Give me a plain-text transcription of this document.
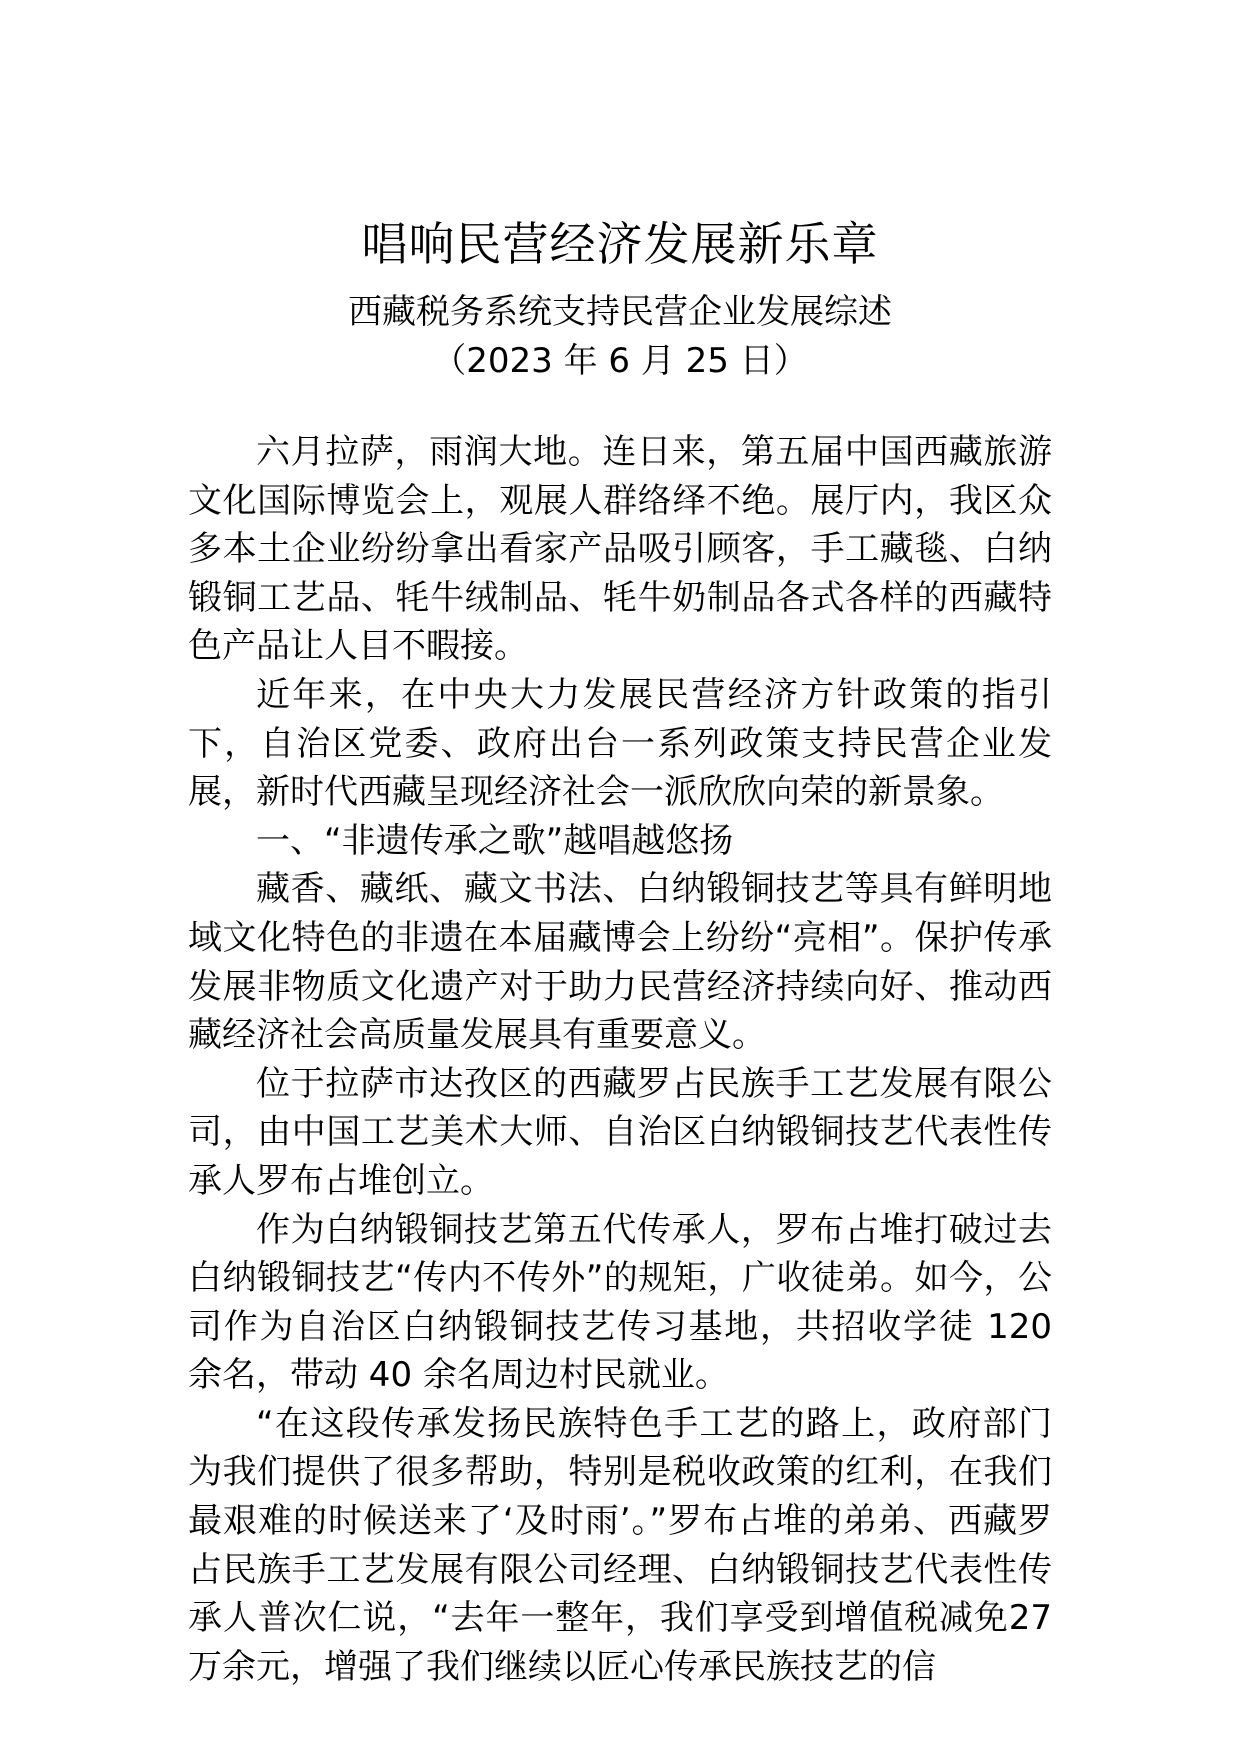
唱响民营经济发展新乐章
西藏税务系统支持民营企业发展综述
（2023 年 6 月 25 日）

六月拉萨，雨润大地。连日来，第五届中国西藏旅游文化国际博览会上，观展人群络绎不绝。展厅内，我区众多本土企业纷纷拿出看家产品吸引顾客，手工藏毯、白纳锻铜工艺品、牦牛绒制品、牦牛奶制品各式各样的西藏特色产品让人目不暇接。

近年来，在中央大力发展民营经济方针政策的指引下，自治区党委、政府出台一系列政策支持民营企业发展，新时代西藏呈现经济社会一派欣欣向荣的新景象。

一、“非遗传承之歌”越唱越悠扬

藏香、藏纸、藏文书法、白纳锻铜技艺等具有鲜明地域文化特色的非遗在本届藏博会上纷纷“亮相”。保护传承发展非物质文化遗产对于助力民营经济持续向好、推动西藏经济社会高质量发展具有重要意义。

位于拉萨市达孜区的西藏罗占民族手工艺发展有限公司，由中国工艺美术大师、自治区白纳锻铜技艺代表性传承人罗布占堆创立。

作为白纳锻铜技艺第五代传承人，罗布占堆打破过去白纳锻铜技艺“传内不传外”的规矩，广收徒弟。如今，公司作为自治区白纳锻铜技艺传习基地，共招收学徒 120 余名，带动 40 余名周边村民就业。

“在这段传承发扬民族特色手工艺的路上，政府部门为我们提供了很多帮助，特别是税收政策的红利，在我们最艰难的时候送来了‘及时雨’。”罗布占堆的弟弟、西藏罗占民族手工艺发展有限公司经理、白纳锻铜技艺代表性传承人普次仁说，“去年一整年，我们享受到增值税减免27 万余元，增强了我们继续以匠心传承民族技艺的信
